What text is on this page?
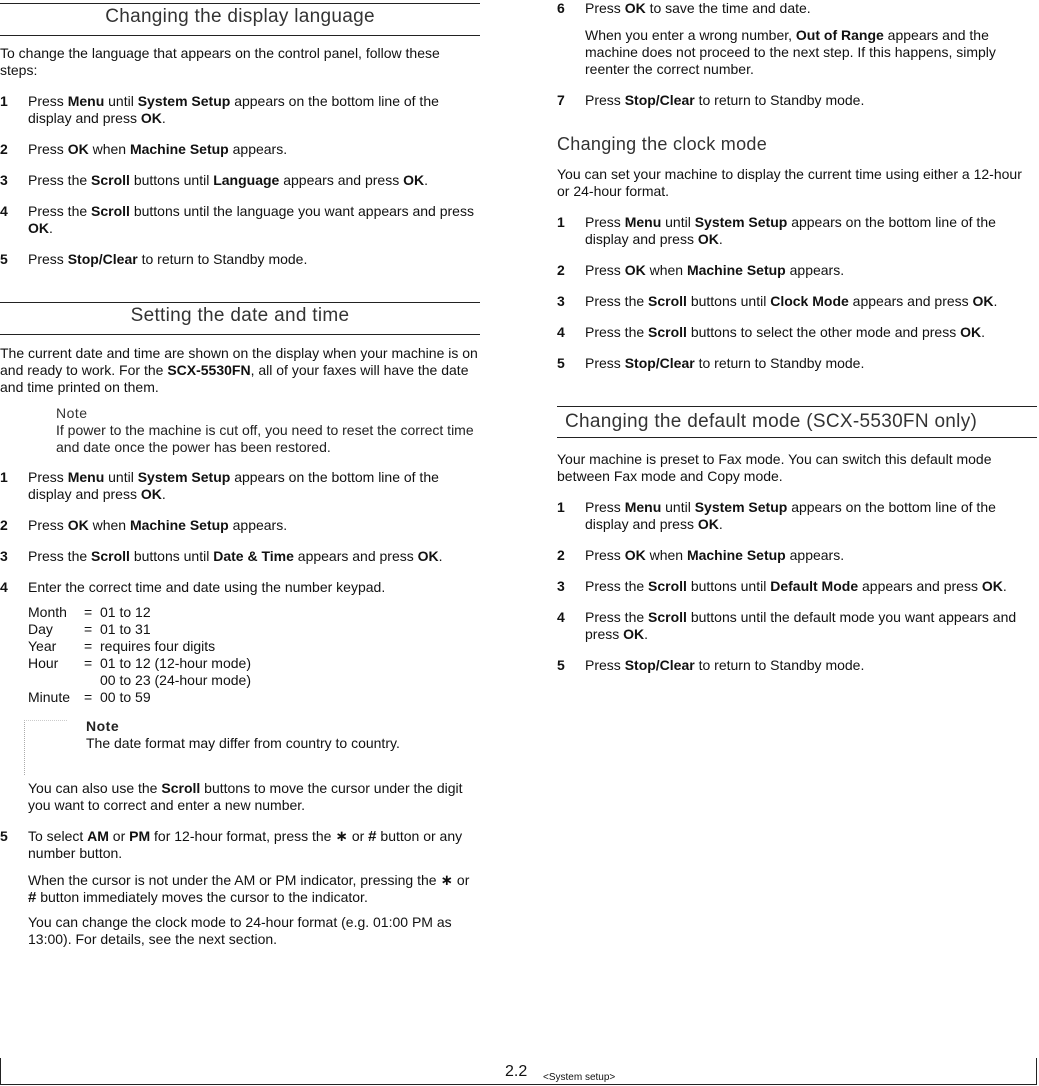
Changing the display language

To change the language that appears on the control panel, follow these steps:

1 Press Menu until System Setup appears on the bottom line of the display and press OK.
2 Press OK when Machine Setup appears.
3 Press the Scroll buttons until Language appears and press OK.
4 Press the Scroll buttons until the language you want appears and press OK.
5 Press Stop/Clear to return to Standby mode.
Setting the date and time

The current date and time are shown on the display when your machine is on and ready to work. For the SCX-5530FN, all of your faxes will have the date and time printed on them.

Note
If power to the machine is cut off, you need to reset the correct time and date once the power has been restored.
1 Press Menu until System Setup appears on the bottom line of the display and press OK.
2 Press OK when Machine Setup appears.
3 Press the Scroll buttons until Date & Time appears and press OK.
4 Enter the correct time and date using the number keypad.
Month	= 01 to 12
Day	= 01 to 31
Year	= requires four digits
Hour	= 01 to 12 (12-hour mode)
00 to 23 (24-hour mode)
Minute = 00 to 59
Note
The date format may differ from country to country.

You can also use the Scroll buttons to move the cursor under the digit you want to correct and enter a new number.

5 To select AM or PM for 12-hour format, press the ∗ or # button or any number button.

When the cursor is not under the AM or PM indicator, pressing the ∗ or # button immediately moves the cursor to the indicator.

You can change the clock mode to 24-hour format (e.g. 01:00 PM as 13:00). For details, see the next section.

6 Press OK to save the time and date.

When you enter a wrong number, Out of Range appears and the machine does not proceed to the next step. If this happens, simply reenter the correct number.

7 Press Stop/Clear to return to Standby mode.
Changing the clock mode

You can set your machine to display the current time using either a 12-hour or 24-hour format.

1 Press Menu until System Setup appears on the bottom line of the display and press OK.
2 Press OK when Machine Setup appears.
3 Press the Scroll buttons until Clock Mode appears and press OK.
4 Press the Scroll buttons to select the other mode and press OK.
5 Press Stop/Clear to return to Standby mode.
Changing the default mode (SCX-5530FN only)

Your machine is preset to Fax mode. You can switch this default mode between Fax mode and Copy mode.

1 Press Menu until System Setup appears on the bottom line of the display and press OK.
2 Press OK when Machine Setup appears.
3 Press the Scroll buttons until Default Mode appears and press OK.
4 Press the Scroll buttons until the default mode you want appears and press OK.
5 Press Stop/Clear to return to Standby mode.
2.2 <System setup>
